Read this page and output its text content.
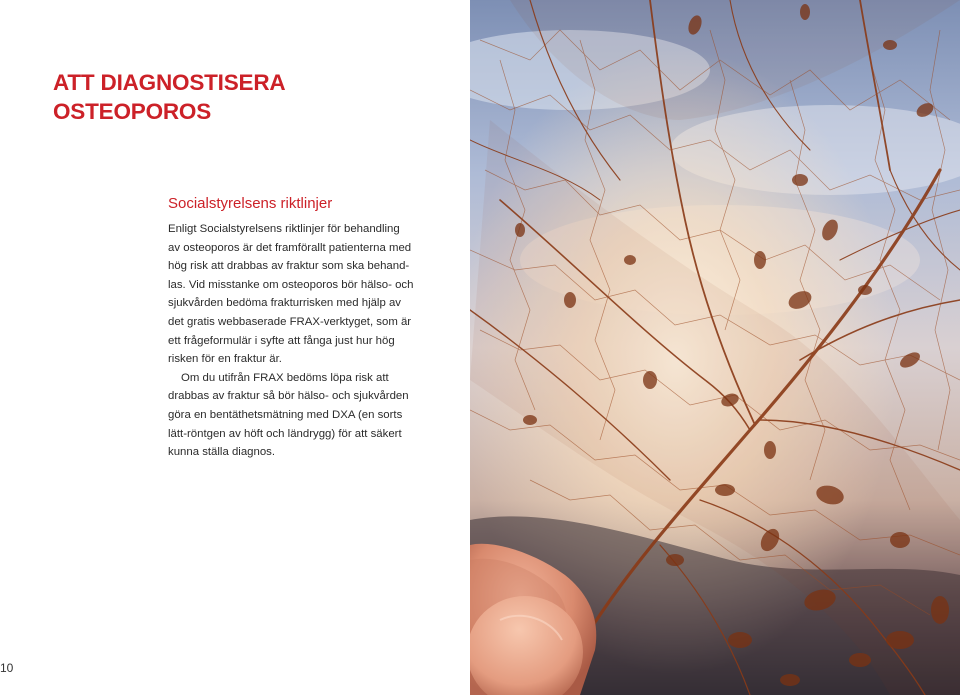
ATT DIAGNOSTISERA
OSTEOPOROS
Socialstyrelsens riktlinjer
Enligt Socialstyrelsens riktlinjer för behandling
av osteoporos är det framförallt patienterna med
hög risk att drabbas av fraktur som ska behand-
las. Vid misstanke om osteoporos bör hälso- och
sjukvården bedöma frakturrisken med hjälp av
det gratis webbaserade FRAX-verktyget, som är
ett frågeformulär i syfte att fånga just hur hög
risken för en fraktur är.
Om du utifrån FRAX bedöms löpa risk att
drabbas av fraktur så bör hälso- och sjukvården
göra en bentäthetsmätning med DXA (en sorts
lätt-röntgen av höft och ländrygg) för att säkert
kunna ställa diagnos.
10
